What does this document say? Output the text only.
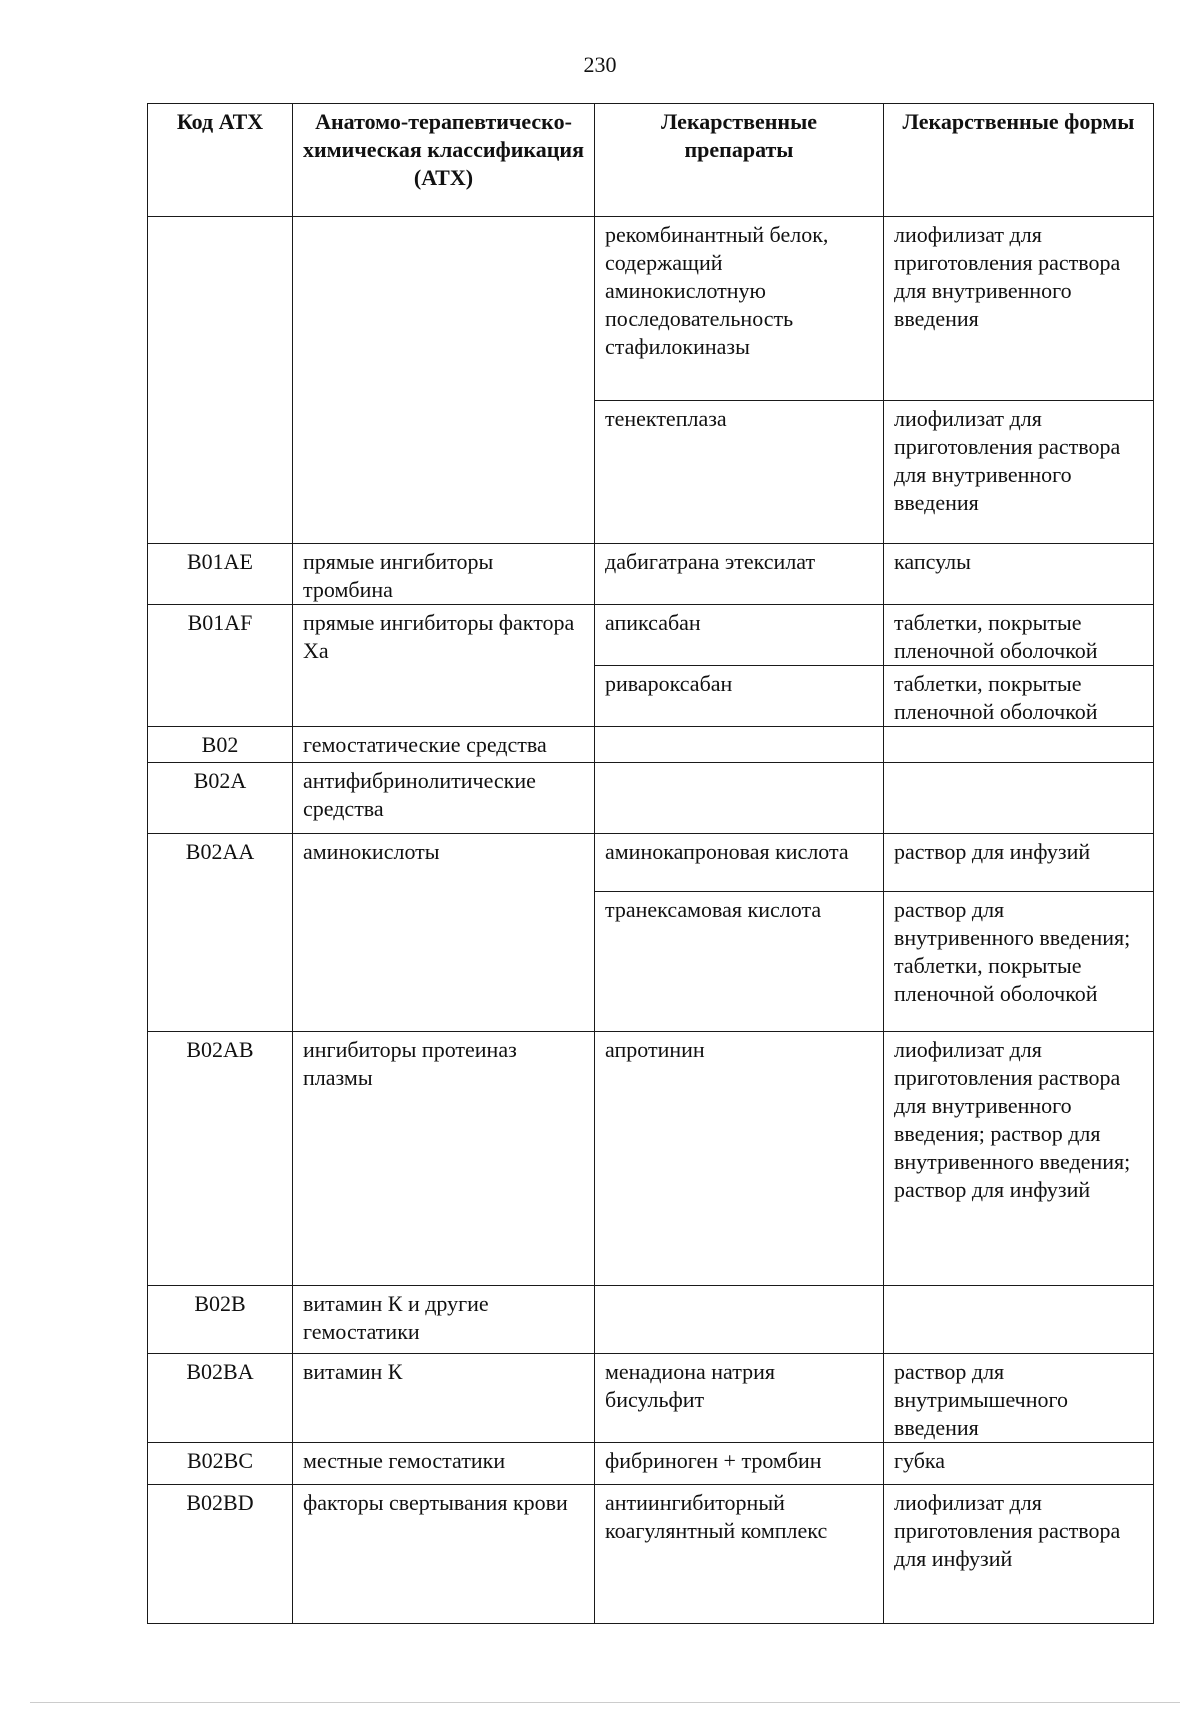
230
Код АТХ	Анатомо-терапевтическо-химическая классификация (АТХ)	Лекарственные препараты	Лекарственные формы
		рекомбинантный белок, содержащий аминокислотную последовательность стафилокиназы	лиофилизат для приготовления раствора для внутривенного введения
		тенектеплаза	лиофилизат для приготовления раствора для внутривенного введения
B01AE	прямые ингибиторы тромбина	дабигатрана этексилат	капсулы
B01AF	прямые ингибиторы фактора Xa	апиксабан	таблетки, покрытые пленочной оболочкой
		ривароксабан	таблетки, покрытые пленочной оболочкой
B02	гемостатические средства		
B02A	антифибринолитические средства		
B02AA	аминокислоты	аминокапроновая кислота	раствор для инфузий
		транексамовая кислота	раствор для внутривенного введения; таблетки, покрытые пленочной оболочкой
B02AB	ингибиторы протеиназ плазмы	апротинин	лиофилизат для приготовления раствора для внутривенного введения; раствор для внутривенного введения; раствор для инфузий
B02B	витамин К и другие гемостатики		
B02BA	витамин К	менадиона натрия бисульфит	раствор для внутримышечного введения
B02BC	местные гемостатики	фибриноген + тромбин	губка
B02BD	факторы свертывания крови	антиингибиторный коагулянтный комплекс	лиофилизат для приготовления раствора для инфузий
